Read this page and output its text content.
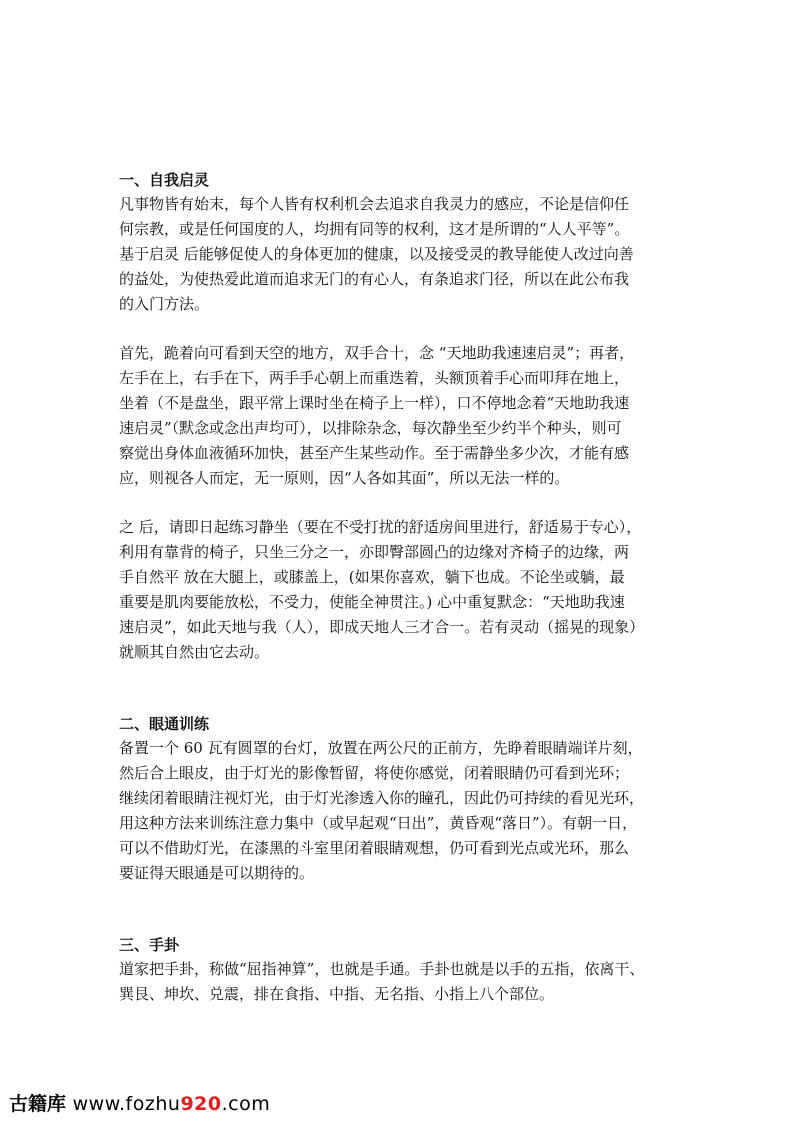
一、自我启灵

凡事物皆有始末，每个人皆有权利机会去追求自我灵力的感应，不论是信仰任
何宗教，或是任何国度的人，均拥有同等的权利，这才是所谓的“人人平等”。
基于启灵 后能够促使人的身体更加的健康，以及接受灵的教导能使人改过向善
的益处，为使热爱此道而追求无门的有心人，有条追求门径，所以在此公布我
的入门方法。

首先，跪着向可看到天空的地方，双手合十，念 “天地助我速速启灵”；再者，
左手在上，右手在下，两手手心朝上而重迭着，头额顶着手心而叩拜在地上，
坐着（不是盘坐，跟平常上课时坐在椅子上一样），口不停地念着“天地助我速
速启灵”（默念或念出声均可），以排除杂念，每次静坐至少约半个种头，则可
察觉出身体血液循环加快，甚至产生某些动作。至于需静坐多少次，才能有感
应，则视各人而定，无一原则，因“人各如其面”，所以无法一样的。

之 后，请即日起练习静坐（要在不受打扰的舒适房间里进行，舒适易于专心），
利用有靠背的椅子，只坐三分之一，亦即臀部圆凸的边缘对齐椅子的边缘，两
手自然平 放在大腿上，或膝盖上，(如果你喜欢，躺下也成。不论坐或躺，最
重要是肌肉要能放松，不受力，使能全神贯注。) 心中重复默念：“天地助我速
速启灵”，如此天地与我（人），即成天地人三才合一。若有灵动（摇晃的现象）
就顺其自然由它去动。

二、眼通训练

备置一个 60 瓦有圆罩的台灯，放置在两公尺的正前方，先睁着眼睛端详片刻，
然后合上眼皮，由于灯光的影像暂留，将使你感觉，闭着眼睛仍可看到光环；
继续闭着眼睛注视灯光，由于灯光渗透入你的瞳孔，因此仍可持续的看见光环，
用这种方法来训练注意力集中（或早起观“日出”，黄昏观“落日”）。有朝一日，
可以不借助灯光，在漆黑的斗室里闭着眼睛观想，仍可看到光点或光环，那么
要证得天眼通是可以期待的。

三、手卦

道家把手卦，称做“屈指神算”，也就是手通。手卦也就是以手的五指，依离干、
巽艮、坤坎、兑震，排在食指、中指、无名指、小指上八个部位。

古籍库 www.fozhu920.com
